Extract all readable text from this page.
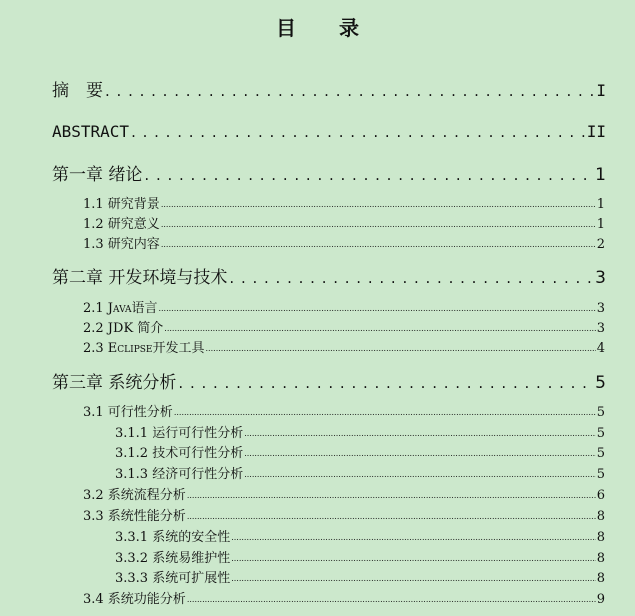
目 录
摘　要 . . .	I
ABSTRACT . . .	II
第一章 绪论 . . .	1
1.1 研究背景 .....	1
1.2 研究意义 .....	1
1.3 研究内容 .....	2
第二章 开发环境与技术 . . .	3
2.1 Java语言 .....	3
2.2 JDK 简介 .....	3
2.3 Eclipse开发工具 .....	4
第三章 系统分析 . . .	5
3.1 可行性分析 .....	5
3.1.1 运行可行性分析 .....	5
3.1.2 技术可行性分析 .....	5
3.1.3 经济可行性分析 .....	5
3.2 系统流程分析 .....	6
3.3 系统性能分析 .....	8
3.3.1 系统的安全性 .....	8
3.3.2 系统易维护性 .....	8
3.3.3 系统可扩展性 .....	8
3.4 系统功能分析 .....	9
